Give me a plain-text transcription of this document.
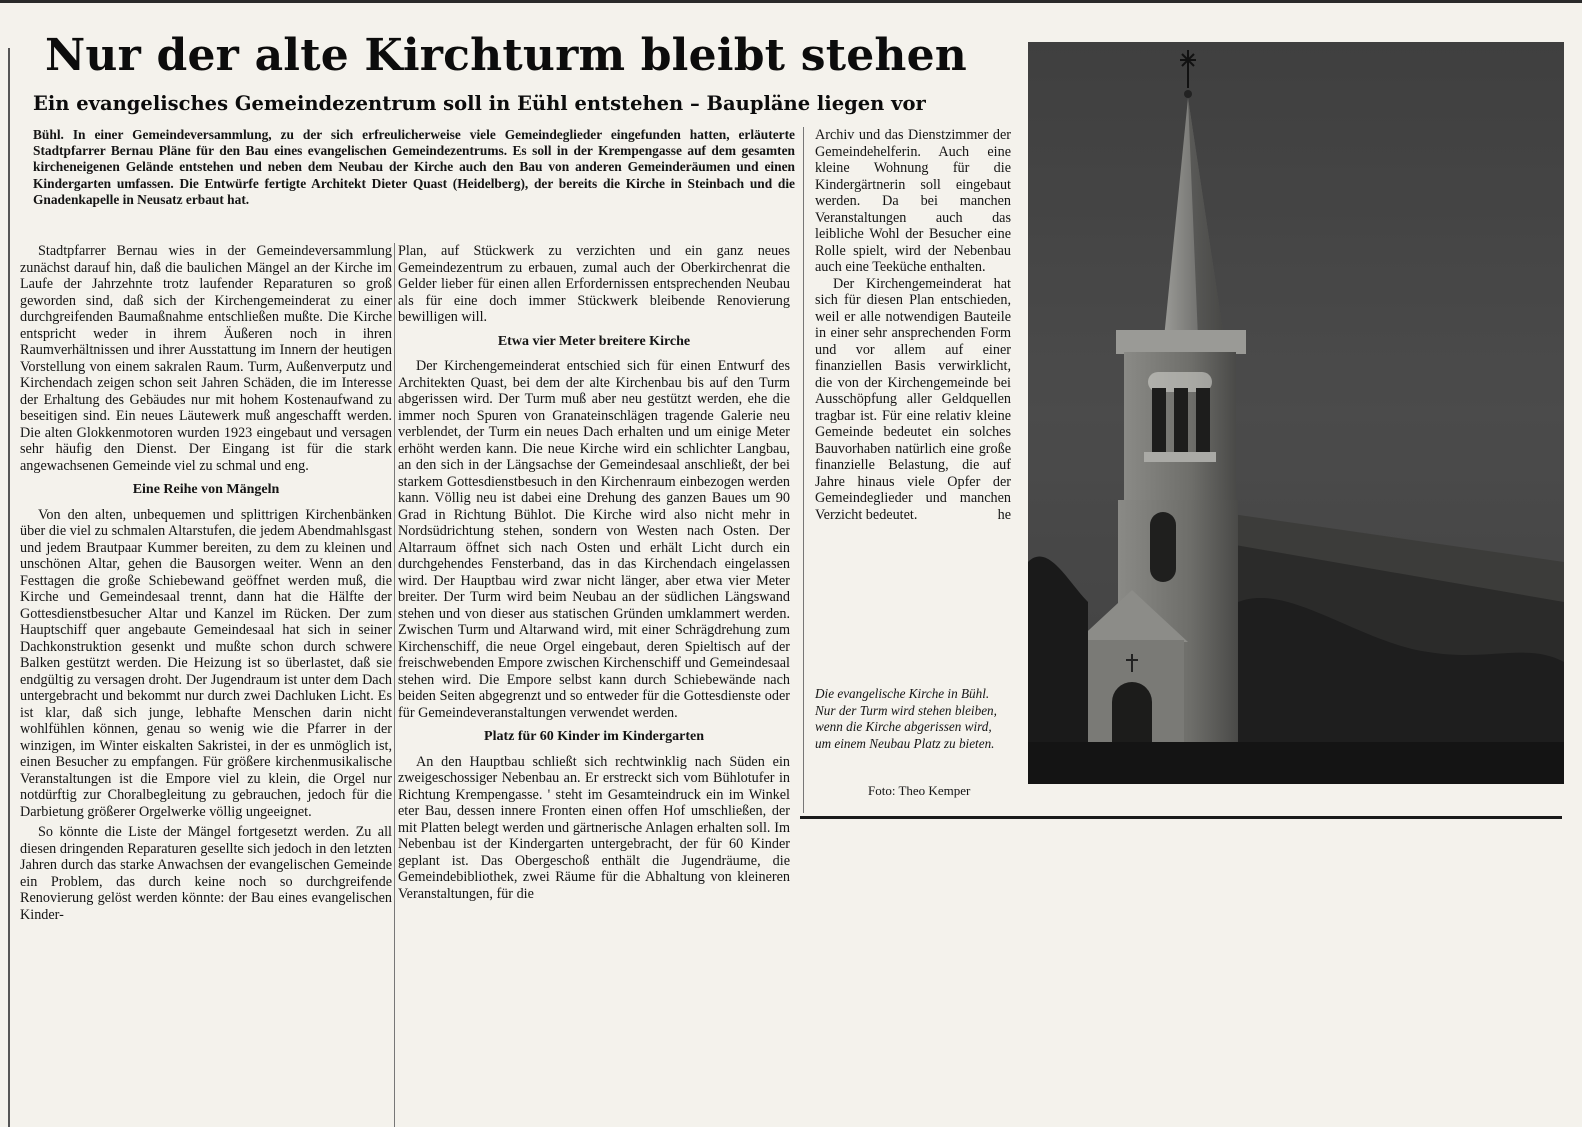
Nur der alte Kirchturm bleibt stehen
Ein evangelisches Gemeindezentrum soll in Eühl entstehen – Baupläne liegen vor

Bühl. In einer Gemeindeversammlung, zu der sich erfreulicherweise viele Gemeindeglieder eingefunden hatten, erläuterte Stadtpfarrer Bernau Pläne für den Bau eines evangelischen Gemeindezentrums. Es soll in der Krempengasse auf dem gesamten kircheneigenen Gelände entstehen und neben dem Neubau der Kirche auch den Bau von anderen Gemeinderäumen und einen Kindergarten umfassen. Die Entwürfe fertigte Architekt Dieter Quast (Heidelberg), der bereits die Kirche in Steinbach und die Gnadenkapelle in Neusatz erbaut hat.

Stadtpfarrer Bernau wies in der Gemeindeversammlung zunächst darauf hin, daß die baulichen Mängel an der Kirche im Laufe der Jahrzehnte trotz laufender Reparaturen so groß geworden sind, daß sich der Kirchengemeinderat zu einer durchgreifenden Baumaßnahme entschließen mußte. Die Kirche entspricht weder in ihrem Äußeren noch in ihren Raumverhältnissen und ihrer Ausstattung im Innern der heutigen Vorstellung von einem sakralen Raum. Turm, Außenverputz und Kirchendach zeigen schon seit Jahren Schäden, die im Interesse der Erhaltung des Gebäudes nur mit hohem Kostenaufwand zu beseitigen sind. Ein neues Läutewerk muß angeschafft werden. Die alten Glokkenmotoren wurden 1923 eingebaut und versagen sehr häufig den Dienst. Der Eingang ist für die stark angewachsenen Gemeinde viel zu schmal und eng.

Eine Reihe von Mängeln

Von den alten, unbequemen und splittrigen Kirchenbänken über die viel zu schmalen Altarstufen, die jedem Abendmahlsgast und jedem Brautpaar Kummer bereiten, zu dem zu kleinen und unschönen Altar, gehen die Bausorgen weiter. Wenn an den Festtagen die große Schiebewand geöffnet werden muß, die Kirche und Gemeindesaal trennt, dann hat die Hälfte der Gottesdienstbesucher Altar und Kanzel im Rücken. Der zum Hauptschiff quer angebaute Gemeindesaal hat sich in seiner Dachkonstruktion gesenkt und mußte schon durch schwere Balken gestützt werden. Die Heizung ist so überlastet, daß sie endgültig zu versagen droht. Der Jugendraum ist unter dem Dach untergebracht und bekommt nur durch zwei Dachluken Licht. Es ist klar, daß sich junge, lebhafte Menschen darin nicht wohlfühlen können, genau so wenig wie die Pfarrer in der winzigen, im Winter eiskalten Sakristei, in der es unmöglich ist, einen Besucher zu empfangen. Für größere kirchenmusikalische Veranstaltungen ist die Empore viel zu klein, die Orgel nur notdürftig zur Choralbegleitung zu gebrauchen, jedoch für die Darbietung größerer Orgelwerke völlig ungeeignet.

So könnte die Liste der Mängel fortgesetzt werden. Zu all diesen dringenden Reparaturen gesellte sich jedoch in den letzten Jahren durch das starke Anwachsen der evangelischen Gemeinde ein Problem, das durch keine noch so durchgreifende Renovierung gelöst werden könnte: der Bau eines evangelischen Kinder-

Plan, auf Stückwerk zu verzichten und ein ganz neues Gemeindezentrum zu erbauen, zumal auch der Oberkirchenrat die Gelder lieber für einen allen Erfordernissen entsprechenden Neubau als für eine doch immer Stückwerk bleibende Renovierung bewilligen will.

Etwa vier Meter breitere Kirche

Der Kirchengemeinderat entschied sich für einen Entwurf des Architekten Quast, bei dem der alte Kirchenbau bis auf den Turm abgerissen wird. Der Turm muß aber neu gestützt werden, ehe die immer noch Spuren von Granateinschlägen tragende Galerie neu verblendet, der Turm ein neues Dach erhalten und um einige Meter erhöht werden kann. Die neue Kirche wird ein schlichter Langbau, an den sich in der Längsachse der Gemeindesaal anschließt, der bei starkem Gottesdienstbesuch in den Kirchenraum einbezogen werden kann. Völlig neu ist dabei eine Drehung des ganzen Baues um 90 Grad in Richtung Bühlot. Die Kirche wird also nicht mehr in Nordsüdrichtung stehen, sondern von Westen nach Osten. Der Altarraum öffnet sich nach Osten und erhält Licht durch ein durchgehendes Fensterband, das in das Kirchendach eingelassen wird. Der Hauptbau wird zwar nicht länger, aber etwa vier Meter breiter. Der Turm wird beim Neubau an der südlichen Längswand stehen und von dieser aus statischen Gründen umklammert werden. Zwischen Turm und Altarwand wird, mit einer Schrägdrehung zum Kirchenschiff, die neue Orgel eingebaut, deren Spieltisch auf der freischwebenden Empore zwischen Kirchenschiff und Gemeindesaal stehen wird. Die Empore selbst kann durch Schiebewände nach beiden Seiten abgegrenzt und so entweder für die Gottesdienste oder für Gemeindeveranstaltungen verwendet werden.

Platz für 60 Kinder im Kindergarten

An den Hauptbau schließt sich rechtwinklig nach Süden ein zweigeschossiger Nebenbau an. Er erstreckt sich vom Bühlotufer in Richtung Krempengasse. ' steht im Gesamteindruck ein im Winkel eter Bau, dessen innere Fronten einen offen Hof umschließen, der mit Platten belegt werden und gärtnerische Anlagen erhalten soll. Im Nebenbau ist der Kindergarten untergebracht, der für 60 Kinder geplant ist. Das Obergeschoß enthält die Jugendräume, die Gemeindebibliothek, zwei Räume für die Abhaltung von kleineren Veranstaltungen, für die

Archiv und das Dienstzimmer der Gemeindehelferin. Auch eine kleine Wohnung für die Kindergärtnerin soll eingebaut werden. Da bei manchen Veranstaltungen auch das leibliche Wohl der Besucher eine Rolle spielt, wird der Nebenbau auch eine Teeküche enthalten.

Der Kirchengemeinderat hat sich für diesen Plan entschieden, weil er alle notwendigen Bauteile in einer sehr ansprechenden Form und vor allem auf einer finanziellen Basis verwirklicht, die von der Kirchengemeinde bei Ausschöpfung aller Geldquellen tragbar ist. Für eine relativ kleine Gemeinde bedeutet ein solches Bauvorhaben natürlich eine große finanzielle Belastung, die auf Jahre hinaus viele Opfer der Gemeindeglieder und manchen Verzicht bedeutet.	he

Die evangelische Kirche in Bühl. Nur der Turm wird stehen bleiben, wenn die Kirche abgerissen wird, um einem Neubau Platz zu bieten.

Foto: Theo Kemper
